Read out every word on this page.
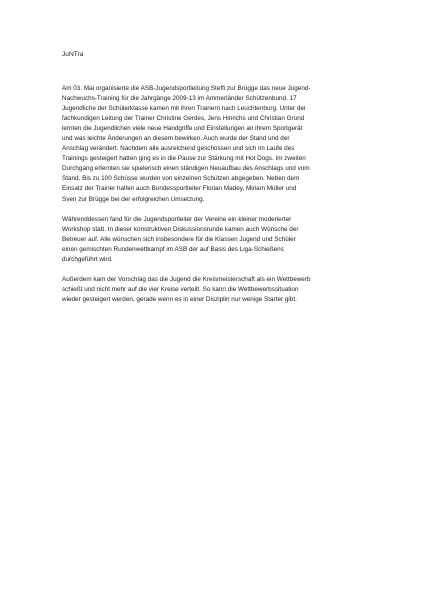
JuNTra

Am 03. Mai organisierte die ASB-Jugendsportleitung Steffi zur Brügge das neue Jugend-
Nachwuchs-Training für die Jahrgänge 2009-13 im Ammerländer Schützenbund. 17
Jugendliche der Schülerklasse kamen mit ihren Trainern nach Leuchtenburg. Unter der
fachkundigen Leitung der Trainer Christine Gerdes, Jens Hinrichs und Christian Grund
lernten die Jugendlichen viele neue Handgriffe und Einstellungen an ihrem Sportgerät
und was leichte Änderungen an diesem bewirken. Auch wurde der Stand und der
Anschlag verändert. Nachdem alle ausreichend geschossen und sich im Laufe des
Trainings gesteigert hatten ging es in die Pause zur Stärkung mit Hot Dogs. Im zweiten
Durchgang erlernten sie spielerisch einen ständigen Neuaufbau des Anschlags und vom
Stand. Bis zu 100 Schüsse wurden von einzelnen Schützen abgegeben. Neben dem
Einsatz der Trainer halfen auch Bundessportleiter Florian Madey, Miriam Müller und
Sven zur Brügge bei der erfolgreichen Umsetzung.

Währenddessen fand für die Jugendsportleiter der Vereine ein kleiner moderierter
Workshop statt. In dieser konstruktiven Diskussionsrunde kamen auch Wünsche der
Betreuer auf. Alle wünschen sich insbesondere für die Klassen Jugend und Schüler
einen gemischten Rundenwettkampf im ASB der auf Basis des Liga-Schießens
durchgeführt wird.

Außerdem kam der Vorschlag das die Jugend die Kreismeisterschaft als ein Wettbewerb
schießt und nicht mehr auf die vier Kreise verteilt. So kann die Wettbewerbssituation
wieder gesteigert werden, gerade wenn es in einer Disziplin nur wenige Starter gibt.
